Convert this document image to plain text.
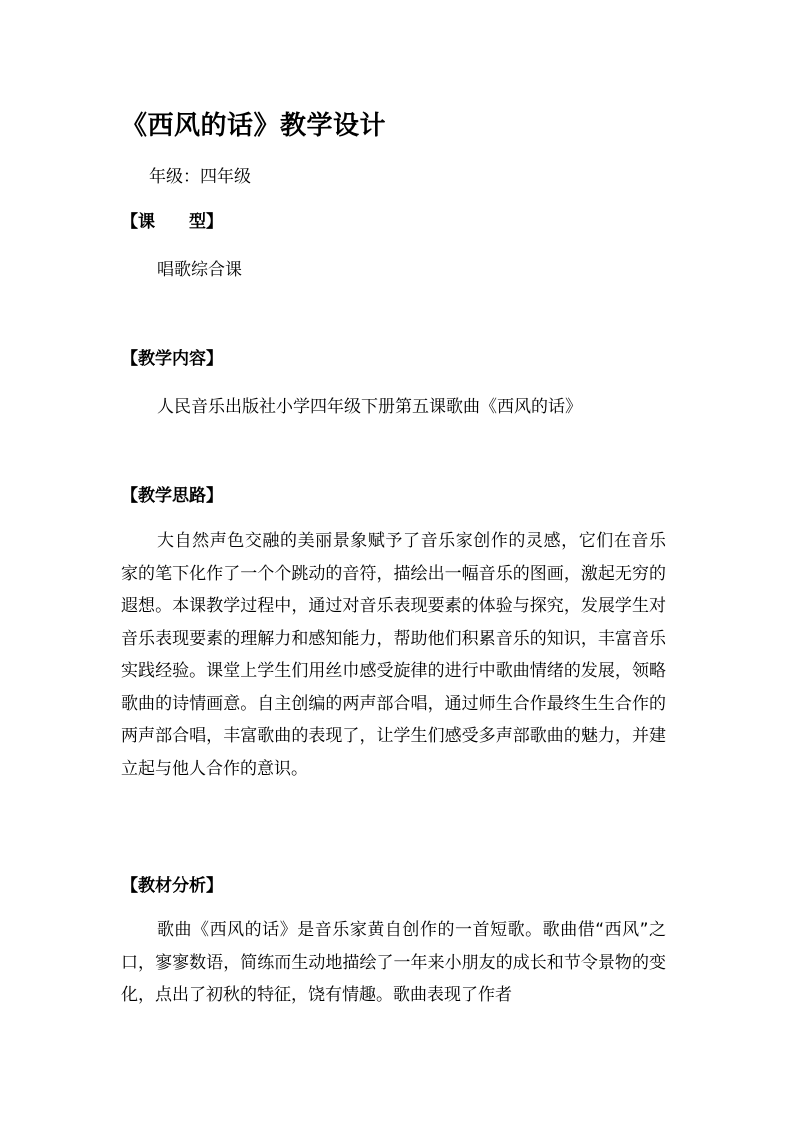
《西风的话》教学设计
年级：四年级
【课　　型】
唱歌综合课
【教学内容】
人民音乐出版社小学四年级下册第五课歌曲《西风的话》
【教学思路】

大自然声色交融的美丽景象赋予了音乐家创作的灵感，它们在音乐家的笔下化作了一个个跳动的音符，描绘出一幅音乐的图画，激起无穷的遐想。本课教学过程中，通过对音乐表现要素的体验与探究，发展学生对音乐表现要素的理解力和感知能力，帮助他们积累音乐的知识，丰富音乐实践经验。课堂上学生们用丝巾感受旋律的进行中歌曲情绪的发展，领略歌曲的诗情画意。自主创编的两声部合唱，通过师生合作最终生生合作的两声部合唱，丰富歌曲的表现了，让学生们感受多声部歌曲的魅力，并建立起与他人合作的意识。

【教材分析】

歌曲《西风的话》是音乐家黄自创作的一首短歌。歌曲借“西风”之口，寥寥数语，简练而生动地描绘了一年来小朋友的成长和节令景物的变化，点出了初秋的特征，饶有情趣。歌曲表现了作者
